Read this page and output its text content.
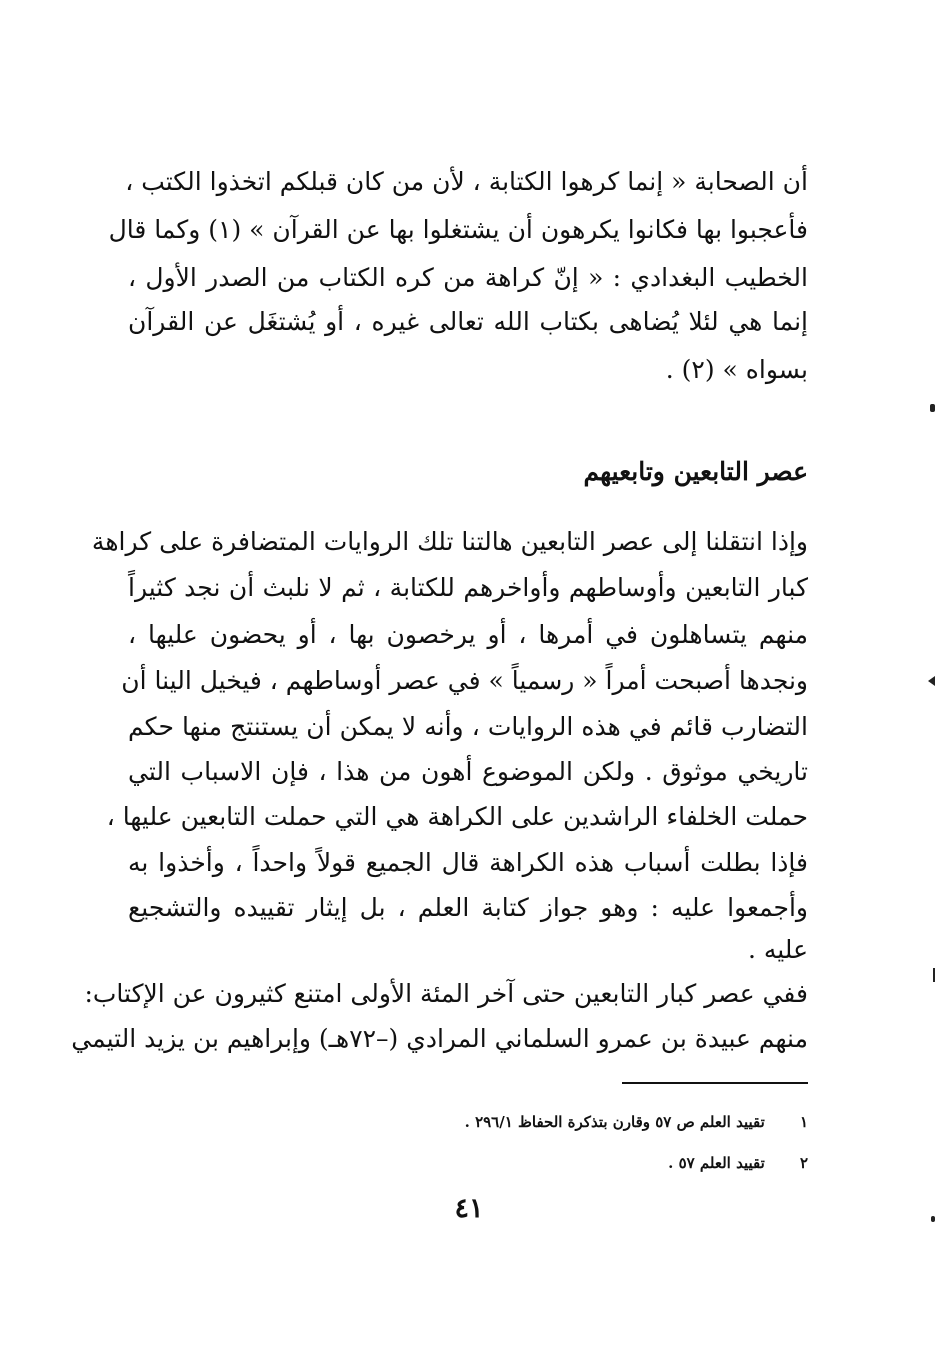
أن الصحابة « إنما كرهوا الكتابة ، لأن من كان قبلكم اتخذوا الكتب ،
فأعجبوا بها فكانوا يكرهون أن يشتغلوا بها عن القرآن » (١) وكما قال
الخطيب البغدادي : « إنّ كراهة من كره الكتاب من الصدر الأول ،
إنما هي لئلا يُضاهى بكتاب الله تعالى غيره ، أو يُشتغَل عن القرآن
بسواه » (٢) .
عصر التابعين وتابعيهم
وإذا انتقلنا إلى عصر التابعين هالتنا تلك الروايات المتضافرة على كراهة
كبار التابعين وأوساطهم وأواخرهم للكتابة ، ثم لا نلبث أن نجد كثيراً
منهم يتساهلون في أمرها ، أو يرخصون بها ، أو يحضون عليها ،
ونجدها أصبحت أمراً « رسمياً » في عصر أوساطهم ، فيخيل الينا أن
التضارب قائم في هذه الروايات ، وأنه لا يمكن أن يستنتج منها حكم
تاريخي موثوق . ولكن الموضوع أهون من هذا ، فإن الاسباب التي
حملت الخلفاء الراشدين على الكراهة هي التي حملت التابعين عليها ،
فإذا بطلت أسباب هذه الكراهة قال الجميع قولاً واحداً ، وأخذوا به
وأجمعوا عليه : وهو جواز كتابة العلم ، بل إيثار تقييده والتشجيع
عليه .
ففي عصر كبار التابعين حتى آخر المئة الأولى امتنع كثيرون عن الإكتاب:
منهم عبيدة بن عمرو السلماني المرادي (–٧٢هـ) وإبراهيم بن يزيد التيمي
١ تقييد العلم ص ٥٧ وقارن بتذكرة الحفاظ ٢٩٦/١ .
٢ تقييد العلم ٥٧ .
٤١
